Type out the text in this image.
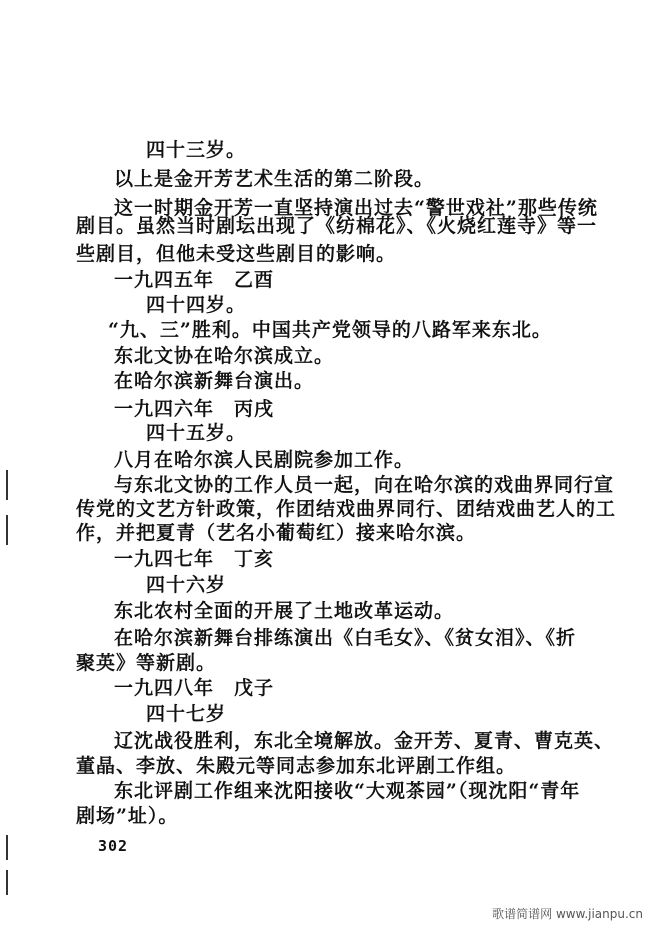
四十三岁。
以上是金开芳艺术生活的第二阶段。
这一时期金开芳一直坚持演出过去“警世戏社”那些传统
剧目。虽然当时剧坛出现了《纺棉花》、《火烧红莲寺》等一
些剧目，但他未受这些剧目的影响。
一九四五年　乙酉
四十四岁。
“九、三”胜利。中国共产党领导的八路军来东北。
东北文协在哈尔滨成立。
在哈尔滨新舞台演出。
一九四六年　丙戌
四十五岁。
八月在哈尔滨人民剧院参加工作。
与东北文协的工作人员一起，向在哈尔滨的戏曲界同行宣
传党的文艺方针政策，作团结戏曲界同行、团结戏曲艺人的工
作，并把夏青（艺名小葡萄红）接来哈尔滨。
一九四七年　丁亥
四十六岁
东北农村全面的开展了土地改革运动。
在哈尔滨新舞台排练演出《白毛女》、《贫女泪》、《折
聚英》等新剧。
一九四八年　戊子
四十七岁
辽沈战役胜利，东北全境解放。金开芳、夏青、曹克英、
董晶、李放、朱殿元等同志参加东北评剧工作组。
东北评剧工作组来沈阳接收“大观茶园”（现沈阳“青年
剧场”址）。
302
歌谱简谱网 www.jianpu.cn
